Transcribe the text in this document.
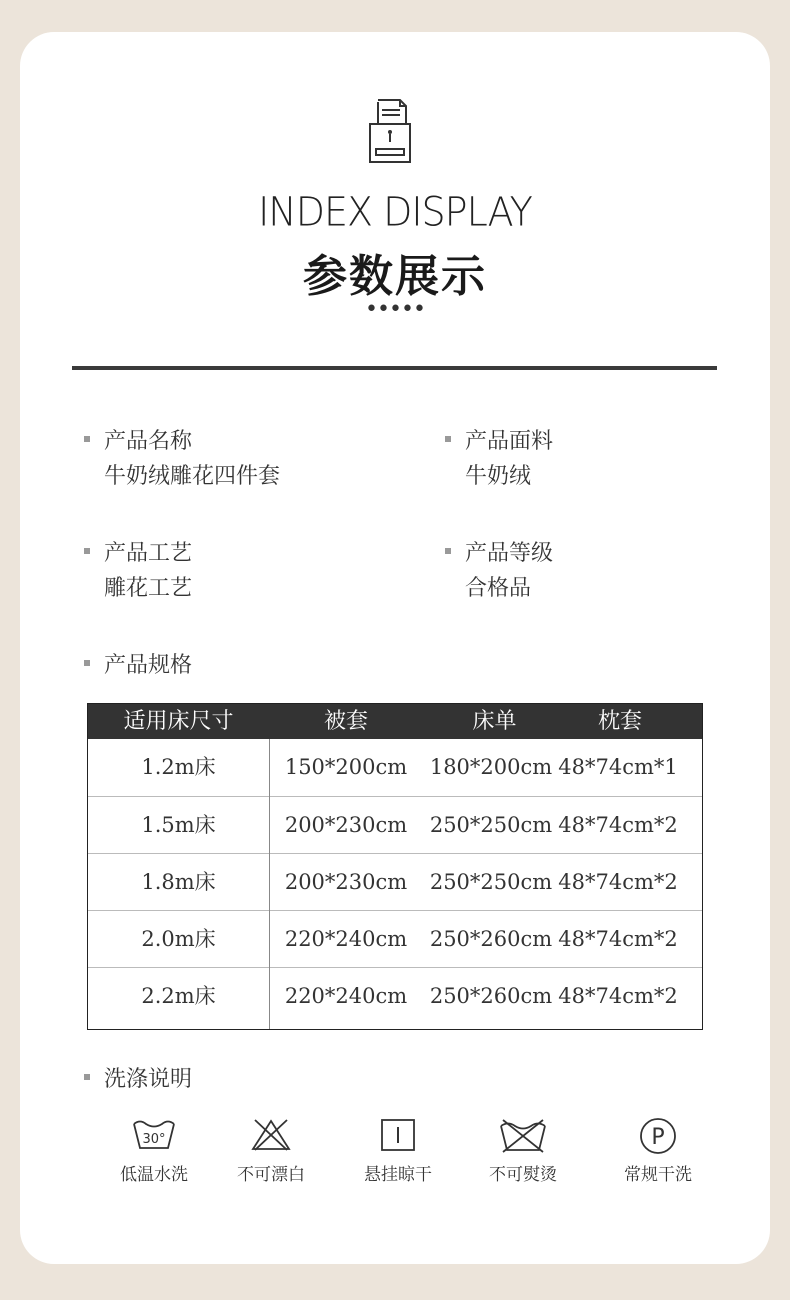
INDEX DISPLAY
参数展示
•••••
产品名称
牛奶绒雕花四件套
产品面料
牛奶绒
产品工艺
雕花工艺
产品等级
合格品
产品规格
适用床尺寸	被套	床单	枕套
1.2m床	150*200cm	180*200cm 48*74cm*1
1.5m床	200*230cm	250*250cm 48*74cm*2
1.8m床	200*230cm	250*250cm 48*74cm*2
2.0m床	220*240cm	250*260cm 48*74cm*2
2.2m床	220*240cm	250*260cm 48*74cm*2
洗涤说明
30°
低温水洗	不可漂白	悬挂晾干	不可熨烫
P
常规干洗
